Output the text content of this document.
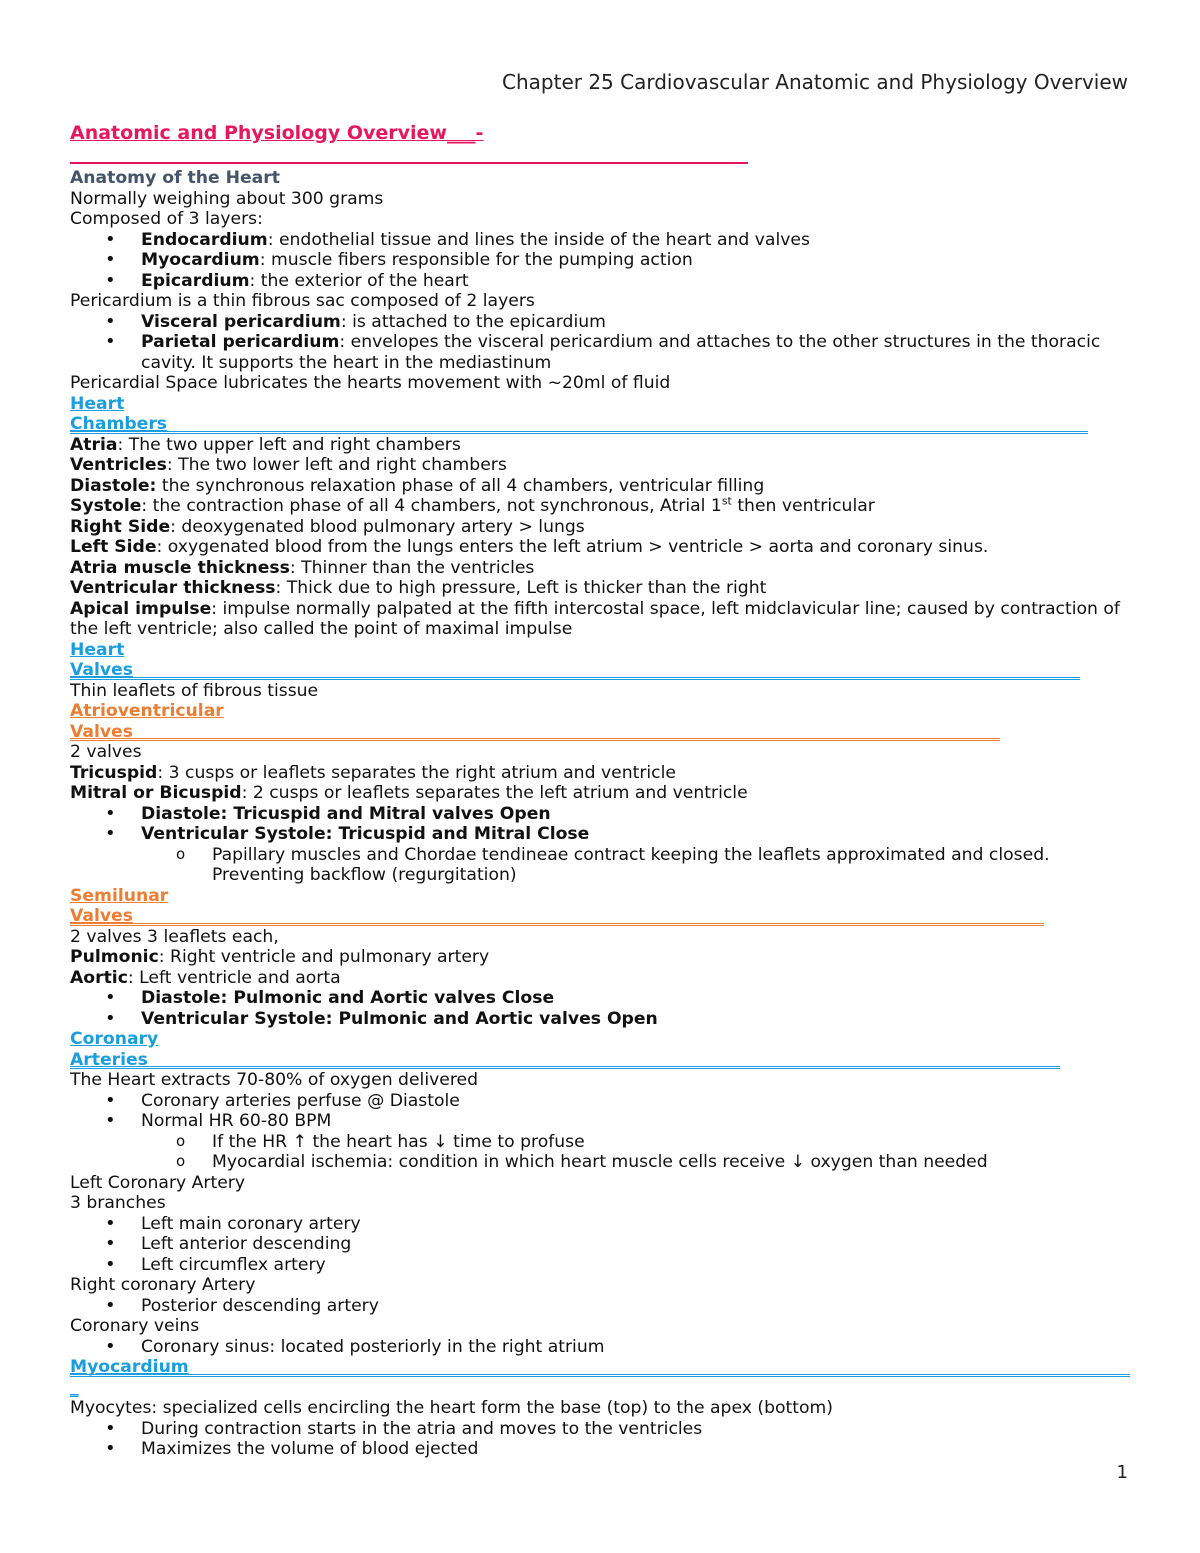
Chapter 25 Cardiovascular Anatomic and Physiology Overview
Anatomic and Physiology Overview___-
Anatomy of the Heart
Normally weighing about 300 grams
Composed of 3 layers:
• Endocardium: endothelial tissue and lines the inside of the heart and valves
• Myocardium: muscle fibers responsible for the pumping action
• Epicardium: the exterior of the heart
Pericardium is a thin fibrous sac composed of 2 layers
• Visceral pericardium: is attached to the epicardium
• Parietal pericardium: envelopes the visceral pericardium and attaches to the other structures in the thoracic cavity. It supports the heart in the mediastinum
Pericardial Space lubricates the hearts movement with ~20ml of fluid
Heart
Chambers
Atria: The two upper left and right chambers
Ventricles: The two lower left and right chambers
Diastole: the synchronous relaxation phase of all 4 chambers, ventricular filling
Systole: the contraction phase of all 4 chambers, not synchronous, Atrial 1st then ventricular
Right Side: deoxygenated blood pulmonary artery > lungs
Left Side: oxygenated blood from the lungs enters the left atrium > ventricle > aorta and coronary sinus.
Atria muscle thickness: Thinner than the ventricles
Ventricular thickness: Thick due to high pressure, Left is thicker than the right
Apical impulse: impulse normally palpated at the fifth intercostal space, left midclavicular line; caused by contraction of the left ventricle; also called the point of maximal impulse
Heart
Valves
Thin leaflets of fibrous tissue
Atrioventricular
Valves
2 valves
Tricuspid: 3 cusps or leaflets separates the right atrium and ventricle
Mitral or Bicuspid: 2 cusps or leaflets separates the left atrium and ventricle
• Diastole: Tricuspid and Mitral valves Open
• Ventricular Systole: Tricuspid and Mitral Close
o Papillary muscles and Chordae tendineae contract keeping the leaflets approximated and closed. Preventing backflow (regurgitation)
Semilunar
Valves
2 valves 3 leaflets each,
Pulmonic: Right ventricle and pulmonary artery
Aortic: Left ventricle and aorta
• Diastole: Pulmonic and Aortic valves Close
• Ventricular Systole: Pulmonic and Aortic valves Open
Coronary
Arteries
The Heart extracts 70-80% of oxygen delivered
• Coronary arteries perfuse @ Diastole
• Normal HR 60-80 BPM
o If the HR ↑ the heart has ↓ time to profuse
o Myocardial ischemia: condition in which heart muscle cells receive ↓ oxygen than needed
Left Coronary Artery
3 branches
• Left main coronary artery
• Left anterior descending
• Left circumflex artery
Right coronary Artery
• Posterior descending artery
Coronary veins
• Coronary sinus: located posteriorly in the right atrium
Myocardium
_
Myocytes: specialized cells encircling the heart form the base (top) to the apex (bottom)
• During contraction starts in the atria and moves to the ventricles
• Maximizes the volume of blood ejected
1
